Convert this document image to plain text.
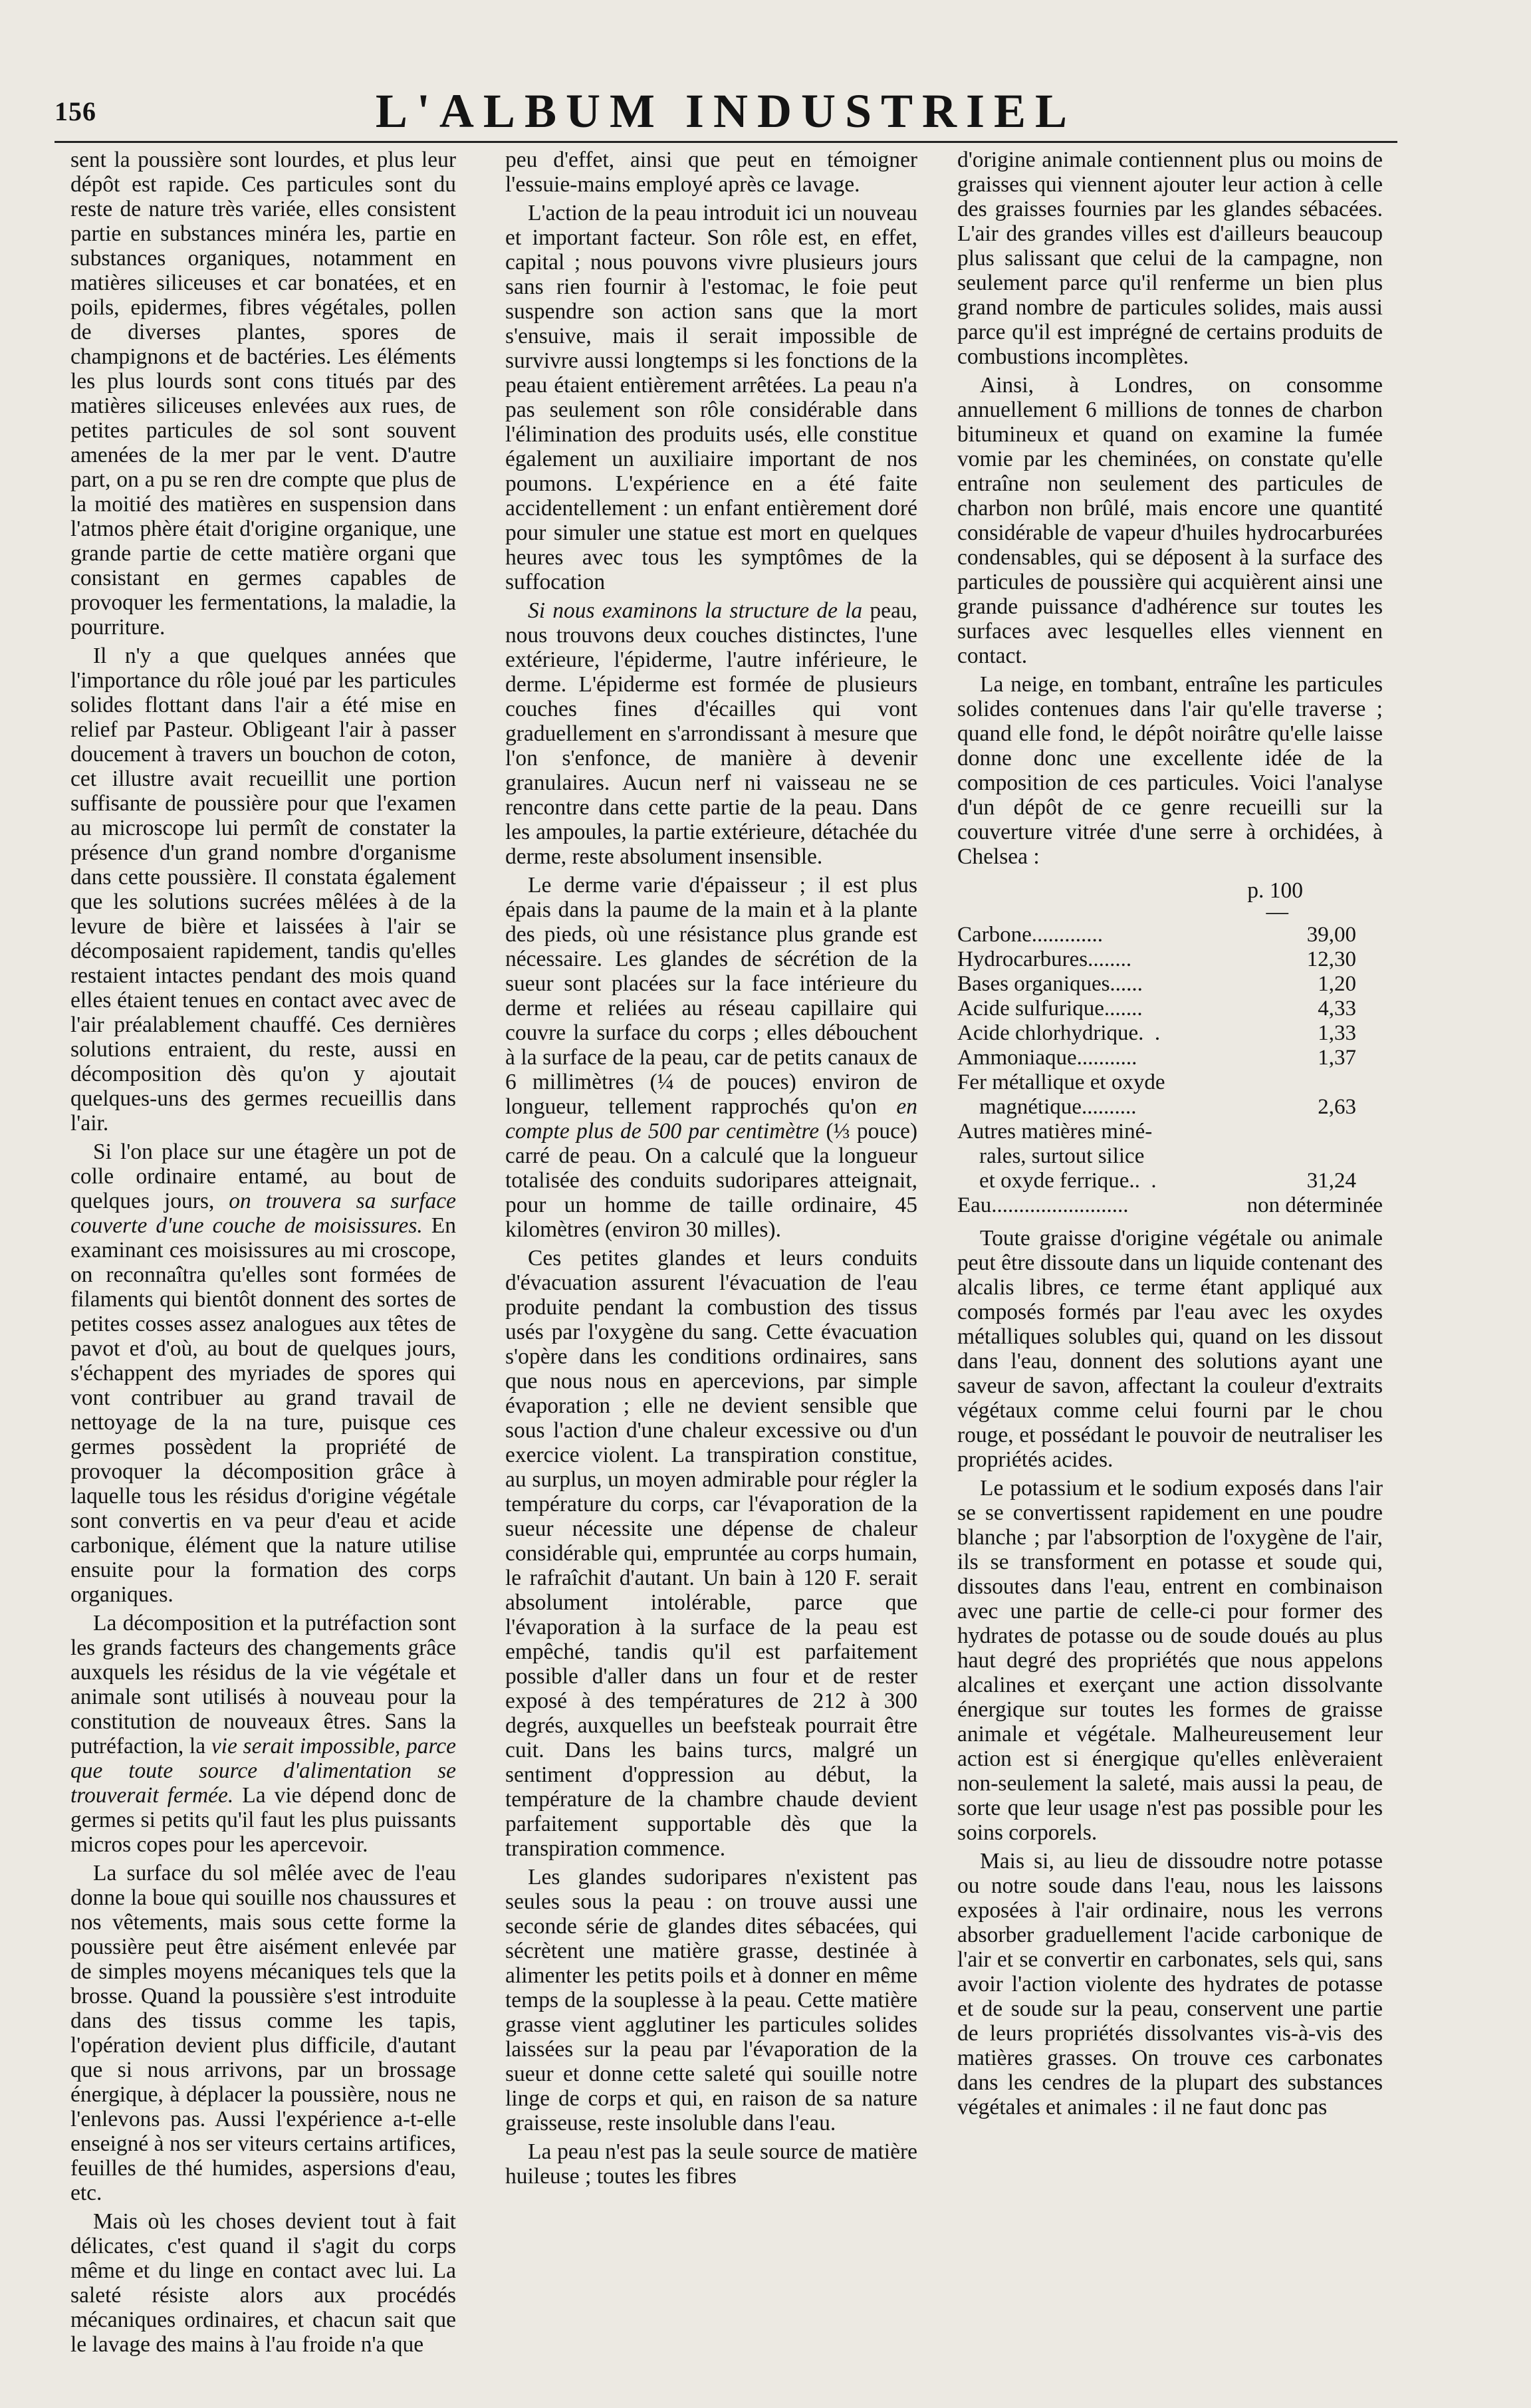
156	L'ALBUM INDUSTRIEL

sent la poussière sont lourdes, et plus leur dépôt est rapide. Ces particules sont du reste de nature très variée, elles consistent partie en substances minéra les, partie en substances organiques, notamment en matières siliceuses et car bonatées, et en poils, epidermes, fibres végétales, pollen de diverses plantes, spores de champignons et de bactéries. Les éléments les plus lourds sont cons titués par des matières siliceuses enlevées aux rues, de petites particules de sol sont souvent amenées de la mer par le vent. D'autre part, on a pu se ren dre compte que plus de la moitié des matières en suspension dans l'atmos phère était d'origine organique, une grande partie de cette matière organi que consistant en germes capables de provoquer les fermentations, la maladie, la pourriture.

Il n'y a que quelques années que l'importance du rôle joué par les particules solides flottant dans l'air a été mise en relief par Pasteur. Obligeant l'air à passer doucement à travers un bouchon de coton, cet illustre avait recueillit une portion suffisante de poussière pour que l'examen au microscope lui permît de constater la présence d'un grand nombre d'organisme dans cette poussière. Il constata également que les solutions sucrées mêlées à de la levure de bière et laissées à l'air se décomposaient rapidement, tandis qu'elles restaient intactes pendant des mois quand elles étaient tenues en contact avec avec de l'air préalablement chauffé. Ces dernières solutions entraient, du reste, aussi en décomposition dès qu'on y ajoutait quelques-uns des germes recueillis dans l'air.

Si l'on place sur une étagère un pot de colle ordinaire entamé, au bout de quelques jours, on trouvera sa surface couverte d'une couche de moisissures. En examinant ces moisissures au mi croscope, on reconnaîtra qu'elles sont formées de filaments qui bientôt donnent des sortes de petites cosses assez analogues aux têtes de pavot et d'où, au bout de quelques jours, s'échappent des myriades de spores qui vont contribuer au grand travail de nettoyage de la na ture, puisque ces germes possèdent la propriété de provoquer la décomposition grâce à laquelle tous les résidus d'origine végétale sont convertis en va peur d'eau et acide carbonique, élément que la nature utilise ensuite pour la formation des corps organiques.

La décomposition et la putréfaction sont les grands facteurs des changements grâce auxquels les résidus de la vie végétale et animale sont utilisés à nouveau pour la constitution de nouveaux êtres. Sans la putréfaction, la vie serait impossible, parce que toute source d'alimentation se trouverait fermée. La vie dépend donc de germes si petits qu'il faut les plus puissants micros copes pour les apercevoir.

La surface du sol mêlée avec de l'eau donne la boue qui souille nos chaussures et nos vêtements, mais sous cette forme la poussière peut être aisément enlevée par de simples moyens mécaniques tels que la brosse. Quand la poussière s'est introduite dans des tissus comme les tapis, l'opération devient plus difficile, d'autant que si nous arrivons, par un brossage énergique, à déplacer la poussière, nous ne l'enlevons pas. Aussi l'expérience a-t-elle enseigné à nos ser viteurs certains artifices, feuilles de thé humides, aspersions d'eau, etc.

Mais où les choses devient tout à fait délicates, c'est quand il s'agit du corps même et du linge en contact avec lui. La saleté résiste alors aux procédés mécaniques ordinaires, et chacun sait que le lavage des mains à l'au froide n'a que

peu d'effet, ainsi que peut en témoigner l'essuie-mains employé après ce lavage.

L'action de la peau introduit ici un nouveau et important facteur. Son rôle est, en effet, capital ; nous pouvons vivre plusieurs jours sans rien fournir à l'estomac, le foie peut suspendre son action sans que la mort s'ensuive, mais il serait impossible de survivre aussi longtemps si les fonctions de la peau étaient entièrement arrêtées. La peau n'a pas seulement son rôle considérable dans l'élimination des produits usés, elle constitue également un auxiliaire important de nos poumons. L'expérience en a été faite accidentellement : un enfant entièrement doré pour simuler une statue est mort en quelques heures avec tous les symptômes de la suffocation

Si nous examinons la structure de la peau, nous trouvons deux couches distinctes, l'une extérieure, l'épiderme, l'autre inférieure, le derme. L'épiderme est formée de plusieurs couches fines d'écailles qui vont graduellement en s'arrondissant à mesure que l'on s'enfonce, de manière à devenir granulaires. Aucun nerf ni vaisseau ne se rencontre dans cette partie de la peau. Dans les ampoules, la partie extérieure, détachée du derme, reste absolument insensible.

Le derme varie d'épaisseur ; il est plus épais dans la paume de la main et à la plante des pieds, où une résistance plus grande est nécessaire. Les glandes de sécrétion de la sueur sont placées sur la face intérieure du derme et reliées au réseau capillaire qui couvre la surface du corps ; elles débouchent à la surface de la peau, car de petits canaux de 6 millimètres (¼ de pouces) environ de longueur, tellement rapprochés qu'on en compte plus de 500 par centimètre (⅓ pouce) carré de peau. On a calculé que la longueur totalisée des conduits sudoripares atteignait, pour un homme de taille ordinaire, 45 kilomètres (environ 30 milles).

Ces petites glandes et leurs conduits d'évacuation assurent l'évacuation de l'eau produite pendant la combustion des tissus usés par l'oxygène du sang. Cette évacuation s'opère dans les conditions ordinaires, sans que nous nous en apercevions, par simple évaporation ; elle ne devient sensible que sous l'action d'une chaleur excessive ou d'un exercice violent. La transpiration constitue, au surplus, un moyen admirable pour régler la température du corps, car l'évaporation de la sueur nécessite une dépense de chaleur considérable qui, empruntée au corps humain, le rafraîchit d'autant. Un bain à 120 F. serait absolument intolérable, parce que l'évaporation à la surface de la peau est empêché, tandis qu'il est parfaitement possible d'aller dans un four et de rester exposé à des températures de 212 à 300 degrés, auxquelles un beefsteak pourrait être cuit. Dans les bains turcs, malgré un sentiment d'oppression au début, la température de la chambre chaude devient parfaitement supportable dès que la transpiration commence.

Les glandes sudoripares n'existent pas seules sous la peau : on trouve aussi une seconde série de glandes dites sébacées, qui sécrètent une matière grasse, destinée à alimenter les petits poils et à donner en même temps de la souplesse à la peau. Cette matière grasse vient agglutiner les particules solides laissées sur la peau par l'évaporation de la sueur et donne cette saleté qui souille notre linge de corps et qui, en raison de sa nature graisseuse, reste insoluble dans l'eau.

La peau n'est pas la seule source de matière huileuse ; toutes les fibres

d'origine animale contiennent plus ou moins de graisses qui viennent ajouter leur action à celle des graisses fournies par les glandes sébacées. L'air des grandes villes est d'ailleurs beaucoup plus salissant que celui de la campagne, non seulement parce qu'il renferme un bien plus grand nombre de particules solides, mais aussi parce qu'il est imprégné de certains produits de combustions incomplètes.

Ainsi, à Londres, on consomme annuellement 6 millions de tonnes de charbon bitumineux et quand on examine la fumée vomie par les cheminées, on constate qu'elle entraîne non seulement des particules de charbon non brûlé, mais encore une quantité considérable de vapeur d'huiles hydrocarburées condensables, qui se déposent à la surface des particules de poussière qui acquièrent ainsi une grande puissance d'adhérence sur toutes les surfaces avec lesquelles elles viennent en contact.

La neige, en tombant, entraîne les particules solides contenues dans l'air qu'elle traverse ; quand elle fond, le dépôt noirâtre qu'elle laisse donne donc une excellente idée de la composition de ces particules. Voici l'analyse d'un dépôt de ce genre recueilli sur la couverture vitrée d'une serre à orchidées, à Chelsea :

p. 100
—
Carbone.............	39,00
Hydrocarbures........	12,30
Bases organiques......	1,20
Acide sulfurique.......	4,33
Acide chlorhydrique.  .	1,33
Ammoniaque...........	1,37
Fer métallique et oxyde	
magnétique..........	2,63
Autres matières miné-	
rales, surtout silice	
et oxyde ferrique..  .	31,24
Eau.........................	non déterminée

Toute graisse d'origine végétale ou animale peut être dissoute dans un liquide contenant des alcalis libres, ce terme étant appliqué aux composés formés par l'eau avec les oxydes métalliques solubles qui, quand on les dissout dans l'eau, donnent des solutions ayant une saveur de savon, affectant la couleur d'extraits végétaux comme celui fourni par le chou rouge, et possédant le pouvoir de neutraliser les propriétés acides.

Le potassium et le sodium exposés dans l'air se se convertissent rapidement en une poudre blanche ; par l'absorption de l'oxygène de l'air, ils se transforment en potasse et soude qui, dissoutes dans l'eau, entrent en combinaison avec une partie de celle-ci pour former des hydrates de potasse ou de soude doués au plus haut degré des propriétés que nous appelons alcalines et exerçant une action dissolvante énergique sur toutes les formes de graisse animale et végétale. Malheureusement leur action est si énergique qu'elles enlèveraient non-seulement la saleté, mais aussi la peau, de sorte que leur usage n'est pas possible pour les soins corporels.

Mais si, au lieu de dissoudre notre potasse ou notre soude dans l'eau, nous les laissons exposées à l'air ordinaire, nous les verrons absorber graduellement l'acide carbonique de l'air et se convertir en carbonates, sels qui, sans avoir l'action violente des hydrates de potasse et de soude sur la peau, conservent une partie de leurs propriétés dissolvantes vis-à-vis des matières grasses. On trouve ces carbonates dans les cendres de la plupart des substances végétales et animales : il ne faut donc pas
